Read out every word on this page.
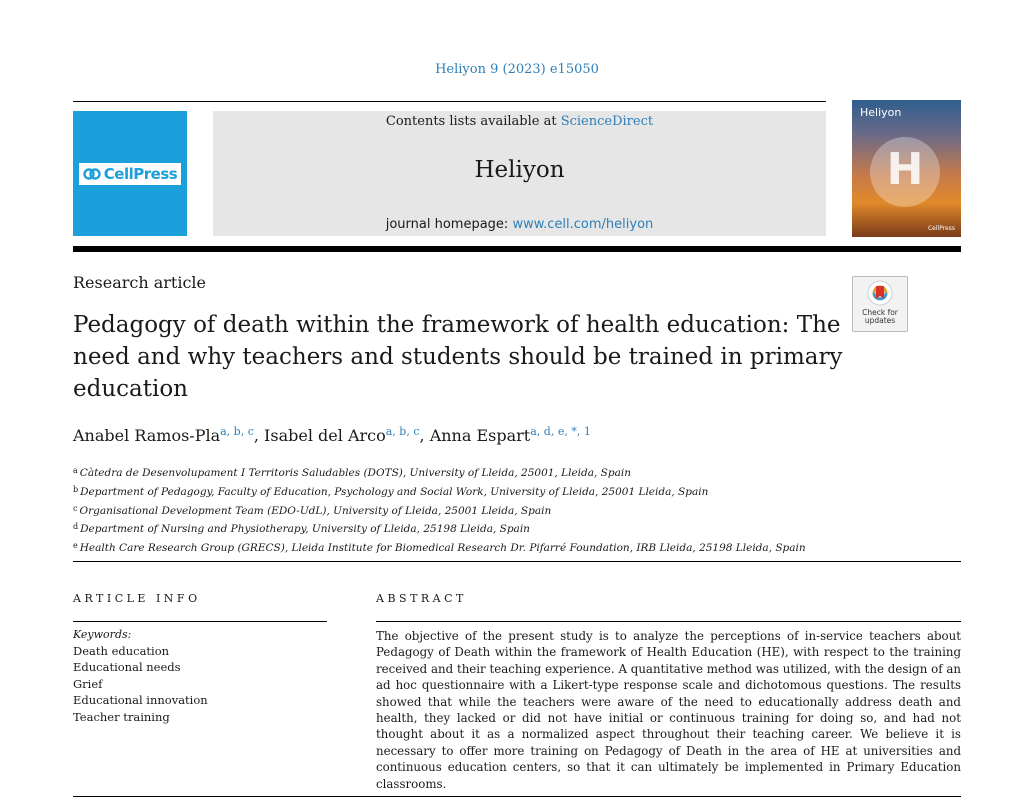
Heliyon 9 (2023) e15050
CellPress
Contents lists available at ScienceDirect
Heliyon
journal homepage: www.cell.com/heliyon
Heliyon
H
CellPress
Research article
Check for updates
Pedagogy of death within the framework of health education: The need and why teachers and students should be trained in primary education
Anabel Ramos-Pla$^{a, b, c}$, Isabel del Arco$^{a, b, c}$, Anna Espart$^{a, d, e, *, 1}$
$^a$ Càtedra de Desenvolupament I Territoris Saludables (DOTS), University of Lleida, 25001, Lleida, Spain
$^b$ Department of Pedagogy, Faculty of Education, Psychology and Social Work, University of Lleida, 25001 Lleida, Spain
$^c$ Organisational Development Team (EDO-UdL), University of Lleida, 25001 Lleida, Spain
$^d$ Department of Nursing and Physiotherapy, University of Lleida, 25198 Lleida, Spain
$^e$ Health Care Research Group (GRECS), Lleida Institute for Biomedical Research Dr. Pifarré Foundation, IRB Lleida, 25198 Lleida, Spain
ARTICLE INFO
Keywords:
Death education
Educational needs
Grief
Educational innovation
Teacher training
ABSTRACT

The objective of the present study is to analyze the perceptions of in-service teachers about Pedagogy of Death within the framework of Health Education (HE), with respect to the training received and their teaching experience. A quantitative method was utilized, with the design of an ad hoc questionnaire with a Likert-type response scale and dichotomous questions. The results showed that while the teachers were aware of the need to educationally address death and health, they lacked or did not have initial or continuous training for doing so, and had not thought about it as a normalized aspect throughout their teaching career. We believe it is necessary to offer more training on Pedagogy of Death in the area of HE at universities and continuous education centers, so that it can ultimately be implemented in Primary Education classrooms.
